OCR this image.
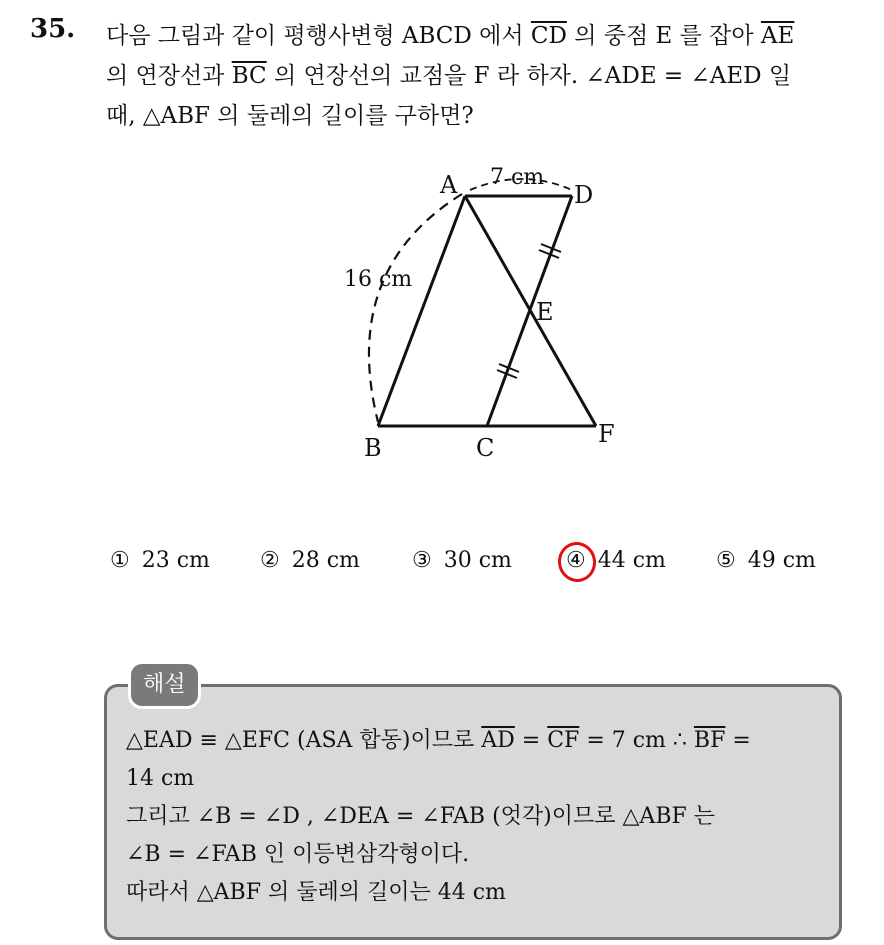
35. 다음 그림과 같이 평행사변형 ABCD 에서 $\overline{CD}$ 의 중점 E 를 잡아 $\overline{AE}$
의 연장선과 $\overline{BC}$ 의 연장선의 교점을 F 라 하자. ∠ADE = ∠AED 일
때, △ABF 의 둘레의 길이를 구하면?
A	D
E
B	C	F
7 cm
16 cm
① 23 cm ② 28 cm ③ 30 cm ④ 44 cm ⑤ 49 cm
해설
△EAD ≡ △EFC (ASA 합동)이므로 $\overline{AD} = \overline{CF} = 7$ cm ∴ $\overline{BF}$ =
14 cm
그리고 ∠B = ∠D , ∠DEA = ∠FAB (엇각)이므로 △ABF 는
∠B = ∠FAB 인 이등변삼각형이다.
따라서 △ABF 의 둘레의 길이는 44 cm
